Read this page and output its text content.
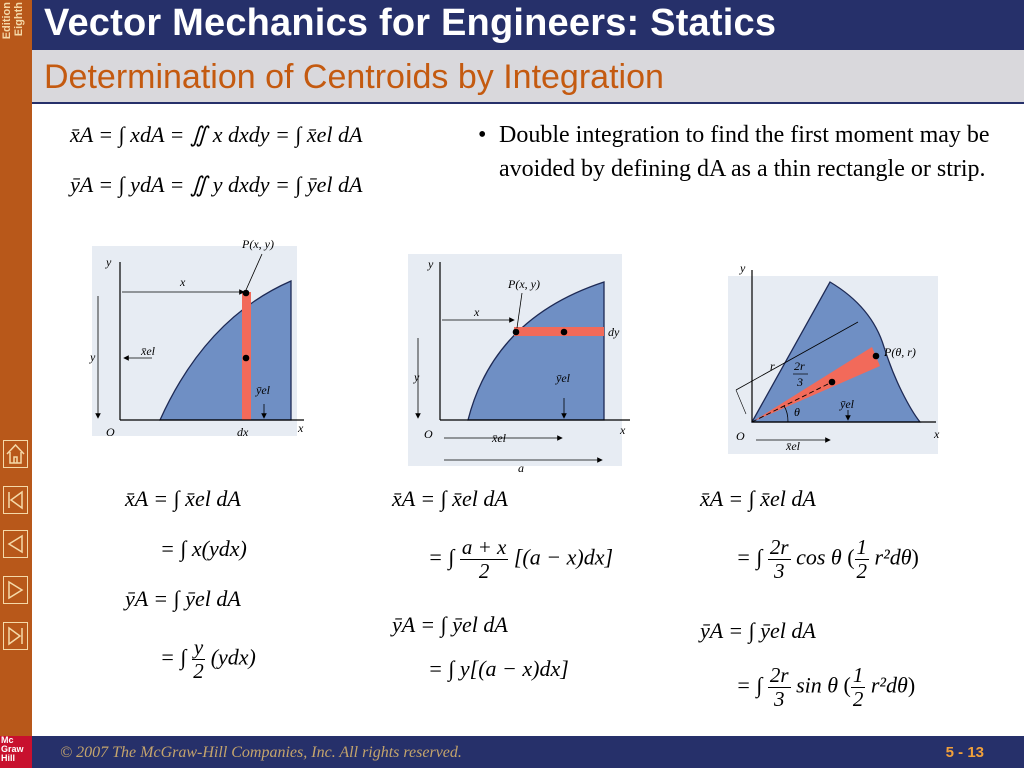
Eighth
Edition
Mc
Graw
Hill
Vector Mechanics for Engineers: Statics
Determination of Centroids by Integration
x̄A = ∫ xdA = ∬ x dxdy = ∫ x̄el dA
ȳA = ∫ ydA = ∬ y dxdy = ∫ ȳel dA
• Double integration to find the first moment may be avoided by defining dA as a thin rectangle or strip.
P(x, y)
y
x
O
x
y	x̄el
ȳel
dx
P(x, y)
y
x
O
x
y
x̄el
ȳel
dy
a
P(θ, r)
y
x
O
r 2r
3
θ
x̄el
ȳel
x̄A = ∫ x̄el dA
= ∫ x(ydx)
ȳA = ∫ ȳel dA
= ∫ $\frac{y}{2} (ydx)$
x̄A = ∫ x̄el dA
= ∫ $\frac{a + x}{2} [(a - x)dx]$
ȳA = ∫ ȳel dA
= ∫ y[(a − x)dx]
x̄A = ∫ x̄el dA
= ∫ $\frac{2r}{3}$ cos θ ( $\frac{1}{2} r^2d\theta$)
ȳA = ∫ ȳel dA
= ∫ $\frac{2r}{3}$ sin θ ( $\frac{1}{2} r^2d\theta$)
© 2007 The McGraw-Hill Companies, Inc. All rights reserved.	5 - 13
